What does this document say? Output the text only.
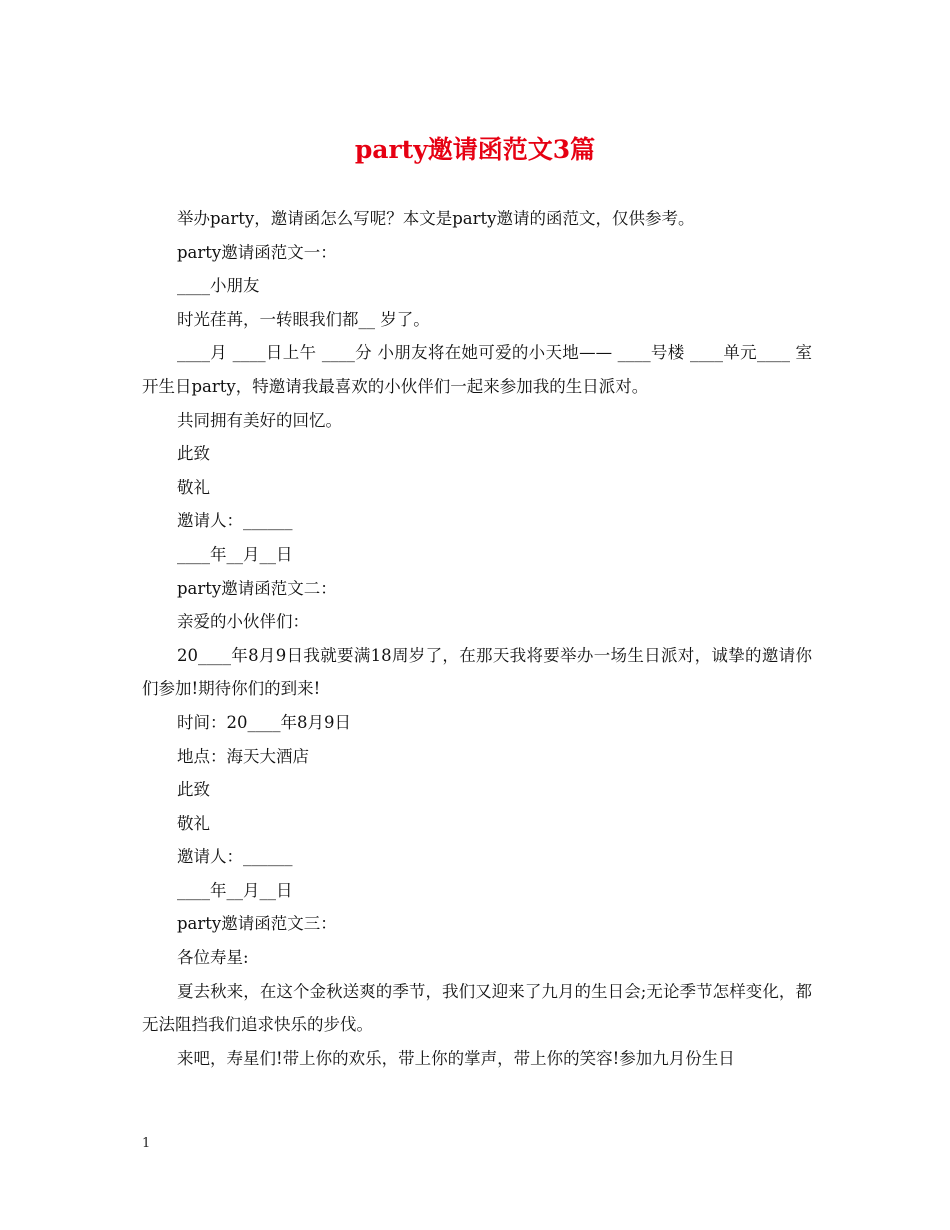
party邀请函范文3篇

举办party，邀请函怎么写呢？本文是party邀请的函范文，仅供参考。

party邀请函范文一：

____小朋友

时光荏苒，一转眼我们都__ 岁了。

____月 ____日上午 ____分 小朋友将在她可爱的小天地—— ____号楼 ____单元____ 室开生日party，特邀请我最喜欢的小伙伴们一起来参加我的生日派对。

共同拥有美好的回忆。

此致

敬礼

邀请人：______

____年__月__日

party邀请函范文二：

亲爱的小伙伴们：

20____年8月9日我就要满18周岁了，在那天我将要举办一场生日派对，诚挚的邀请你们参加!期待你们的到来!

时间：20____年8月9日

地点：海天大酒店

此致

敬礼

邀请人：______

____年__月__日

party邀请函范文三：

各位寿星:

夏去秋来，在这个金秋送爽的季节，我们又迎来了九月的生日会;无论季节怎样变化，都无法阻挡我们追求快乐的步伐。

来吧，寿星们!带上你的欢乐，带上你的掌声，带上你的笑容!参加九月份生日

1
